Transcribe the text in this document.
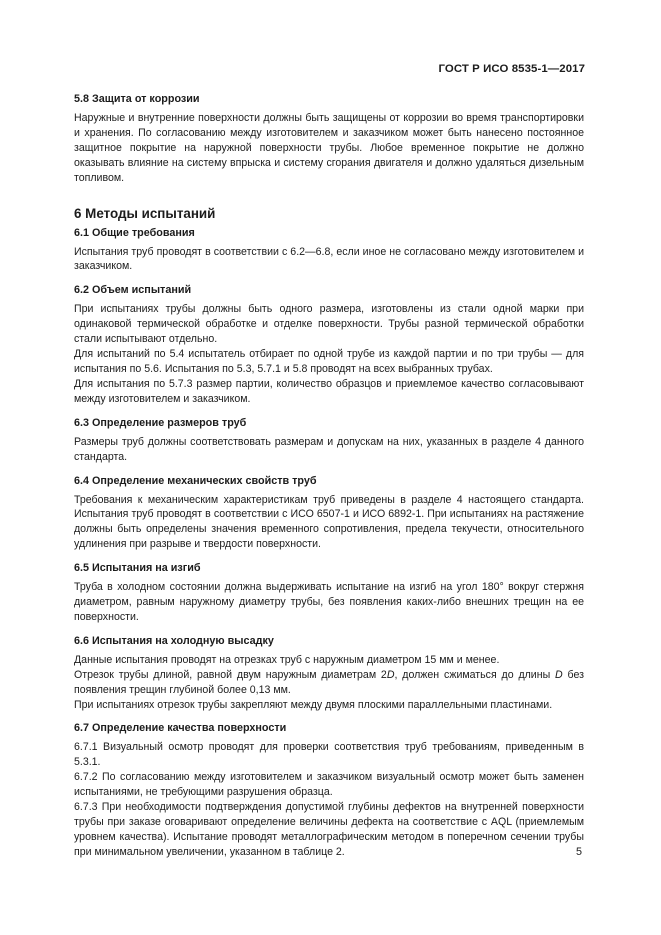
ГОСТ Р ИСО 8535-1—2017
5.8 Защита от коррозии

Наружные и внутренние поверхности должны быть защищены от коррозии во время транспортировки и хранения. По согласованию между изготовителем и заказчиком может быть нанесено постоянное защитное покрытие на наружной поверхности трубы. Любое временное покрытие не должно оказывать влияние на систему впрыска и систему сгорания двигателя и должно удаляться дизельным топливом.

6 Методы испытаний
6.1 Общие требования

Испытания труб проводят в соответствии с 6.2—6.8, если иное не согласовано между изготовителем и заказчиком.

6.2 Объем испытаний

При испытаниях трубы должны быть одного размера, изготовлены из стали одной марки при одинаковой термической обработке и отделке поверхности. Трубы разной термической обработки стали испытывают отдельно.

Для испытаний по 5.4 испытатель отбирает по одной трубе из каждой партии и по три трубы — для испытания по 5.6. Испытания по 5.3, 5.7.1 и 5.8 проводят на всех выбранных трубах.

Для испытания по 5.7.3 размер партии, количество образцов и приемлемое качество согласовывают между изготовителем и заказчиком.

6.3 Определение размеров труб

Размеры труб должны соответствовать размерам и допускам на них, указанных в разделе 4 данного стандарта.

6.4 Определение механических свойств труб

Требования к механическим характеристикам труб приведены в разделе 4 настоящего стандарта. Испытания труб проводят в соответствии с ИСО 6507-1 и ИСО 6892-1. При испытаниях на растяжение должны быть определены значения временного сопротивления, предела текучести, относительного удлинения при разрыве и твердости поверхности.

6.5 Испытания на изгиб

Труба в холодном состоянии должна выдерживать испытание на изгиб на угол 180° вокруг стержня диаметром, равным наружному диаметру трубы, без появления каких-либо внешних трещин на ее поверхности.

6.6 Испытания на холодную высадку

Данные испытания проводят на отрезках труб с наружным диаметром 15 мм и менее.

Отрезок трубы длиной, равной двум наружным диаметрам 2D, должен сжиматься до длины D без появления трещин глубиной более 0,13 мм.

При испытаниях отрезок трубы закрепляют между двумя плоскими параллельными пластинами.

6.7 Определение качества поверхности

6.7.1 Визуальный осмотр проводят для проверки соответствия труб требованиям, приведенным в 5.3.1.

6.7.2 По согласованию между изготовителем и заказчиком визуальный осмотр может быть заменен испытаниями, не требующими разрушения образца.

6.7.3 При необходимости подтверждения допустимой глубины дефектов на внутренней поверхности трубы при заказе оговаривают определение величины дефекта на соответствие с AQL (приемлемым уровнем качества). Испытание проводят металлографическим методом в поперечном сечении трубы при минимальном увеличении, указанном в таблице 2.	5
